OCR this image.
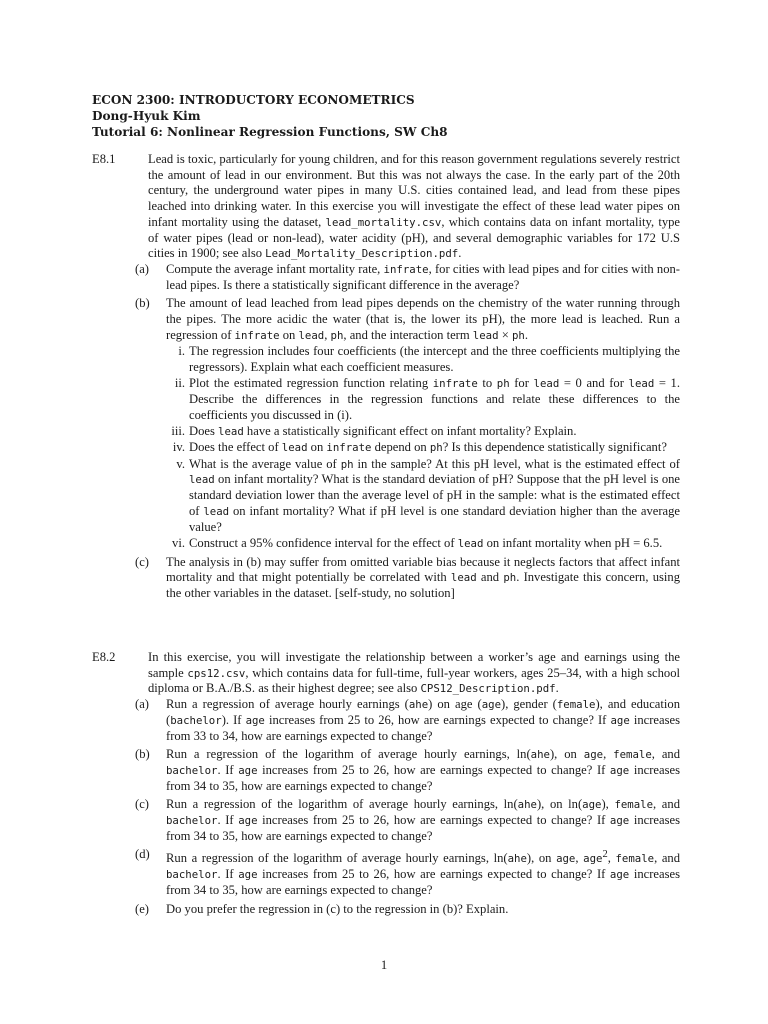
ECON 2300: INTRODUCTORY ECONOMETRICS
Dong-Hyuk Kim
Tutorial 6: Nonlinear Regression Functions, SW Ch8
E8.1	Lead is toxic, particularly for young children, and for this reason government regulations severely restrict the amount of lead in our environment. But this was not always the case. In the early part of the 20th century, the underground water pipes in many U.S. cities contained lead, and lead from these pipes leached into drinking water. In this exercise you will investigate the effect of these lead water pipes on infant mortality using the dataset, lead_mortality.csv, which contains data on infant mortality, type of water pipes (lead or non-lead), water acidity (pH), and several demographic variables for 172 U.S cities in 1900; see also Lead_Mortality_Description.pdf.

(a) Compute the average infant mortality rate, infrate, for cities with lead pipes and for cities with non-lead pipes. Is there a statistically significant difference in the average?

(b) The amount of lead leached from lead pipes depends on the chemistry of the water running through the pipes. The more acidic the water (that is, the lower its pH), the more lead is leached. Run a regression of infrate on lead, ph, and the interaction term lead × ph.

i. The regression includes four coefficients (the intercept and the three coefficients multiplying the regressors). Explain what each coefficient measures.

ii. Plot the estimated regression function relating infrate to ph for lead = 0 and for lead = 1. Describe the differences in the regression functions and relate these differences to the coefficients you discussed in (i).

iii. Does lead have a statistically significant effect on infant mortality? Explain.

iv. Does the effect of lead on infrate depend on ph? Is this dependence statistically significant?

v. What is the average value of ph in the sample? At this pH level, what is the estimated effect of lead on infant mortality? What is the standard deviation of pH? Suppose that the pH level is one standard deviation lower than the average level of pH in the sample: what is the estimated effect of lead on infant mortality? What if pH level is one standard deviation higher than the average value?

vi. Construct a 95% confidence interval for the effect of lead on infant mortality when pH = 6.5.

(c) The analysis in (b) may suffer from omitted variable bias because it neglects factors that affect infant mortality and that might potentially be correlated with lead and ph. Investigate this concern, using the other variables in the dataset. [self-study, no solution]

E8.2	In this exercise, you will investigate the relationship between a worker’s age and earnings using the sample cps12.csv, which contains data for full-time, full-year workers, ages 25–34, with a high school diploma or B.A./B.S. as their highest degree; see also CPS12_Description.pdf.

(a) Run a regression of average hourly earnings (ahe) on age (age), gender (female), and education (bachelor). If age increases from 25 to 26, how are earnings expected to change? If age increases from 33 to 34, how are earnings expected to change?

(b) Run a regression of the logarithm of average hourly earnings, ln(ahe), on age, female, and bachelor. If age increases from 25 to 26, how are earnings expected to change? If age increases from 34 to 35, how are earnings expected to change?

(c) Run a regression of the logarithm of average hourly earnings, ln(ahe), on ln(age), female, and bachelor. If age increases from 25 to 26, how are earnings expected to change? If age increases from 34 to 35, how are earnings expected to change?

(d) Run a regression of the logarithm of average hourly earnings, ln(ahe), on age, age$^2$, female, and bachelor. If age increases from 25 to 26, how are earnings expected to change? If age increases from 34 to 35, how are earnings expected to change?

(e) Do you prefer the regression in (c) to the regression in (b)? Explain.

1
